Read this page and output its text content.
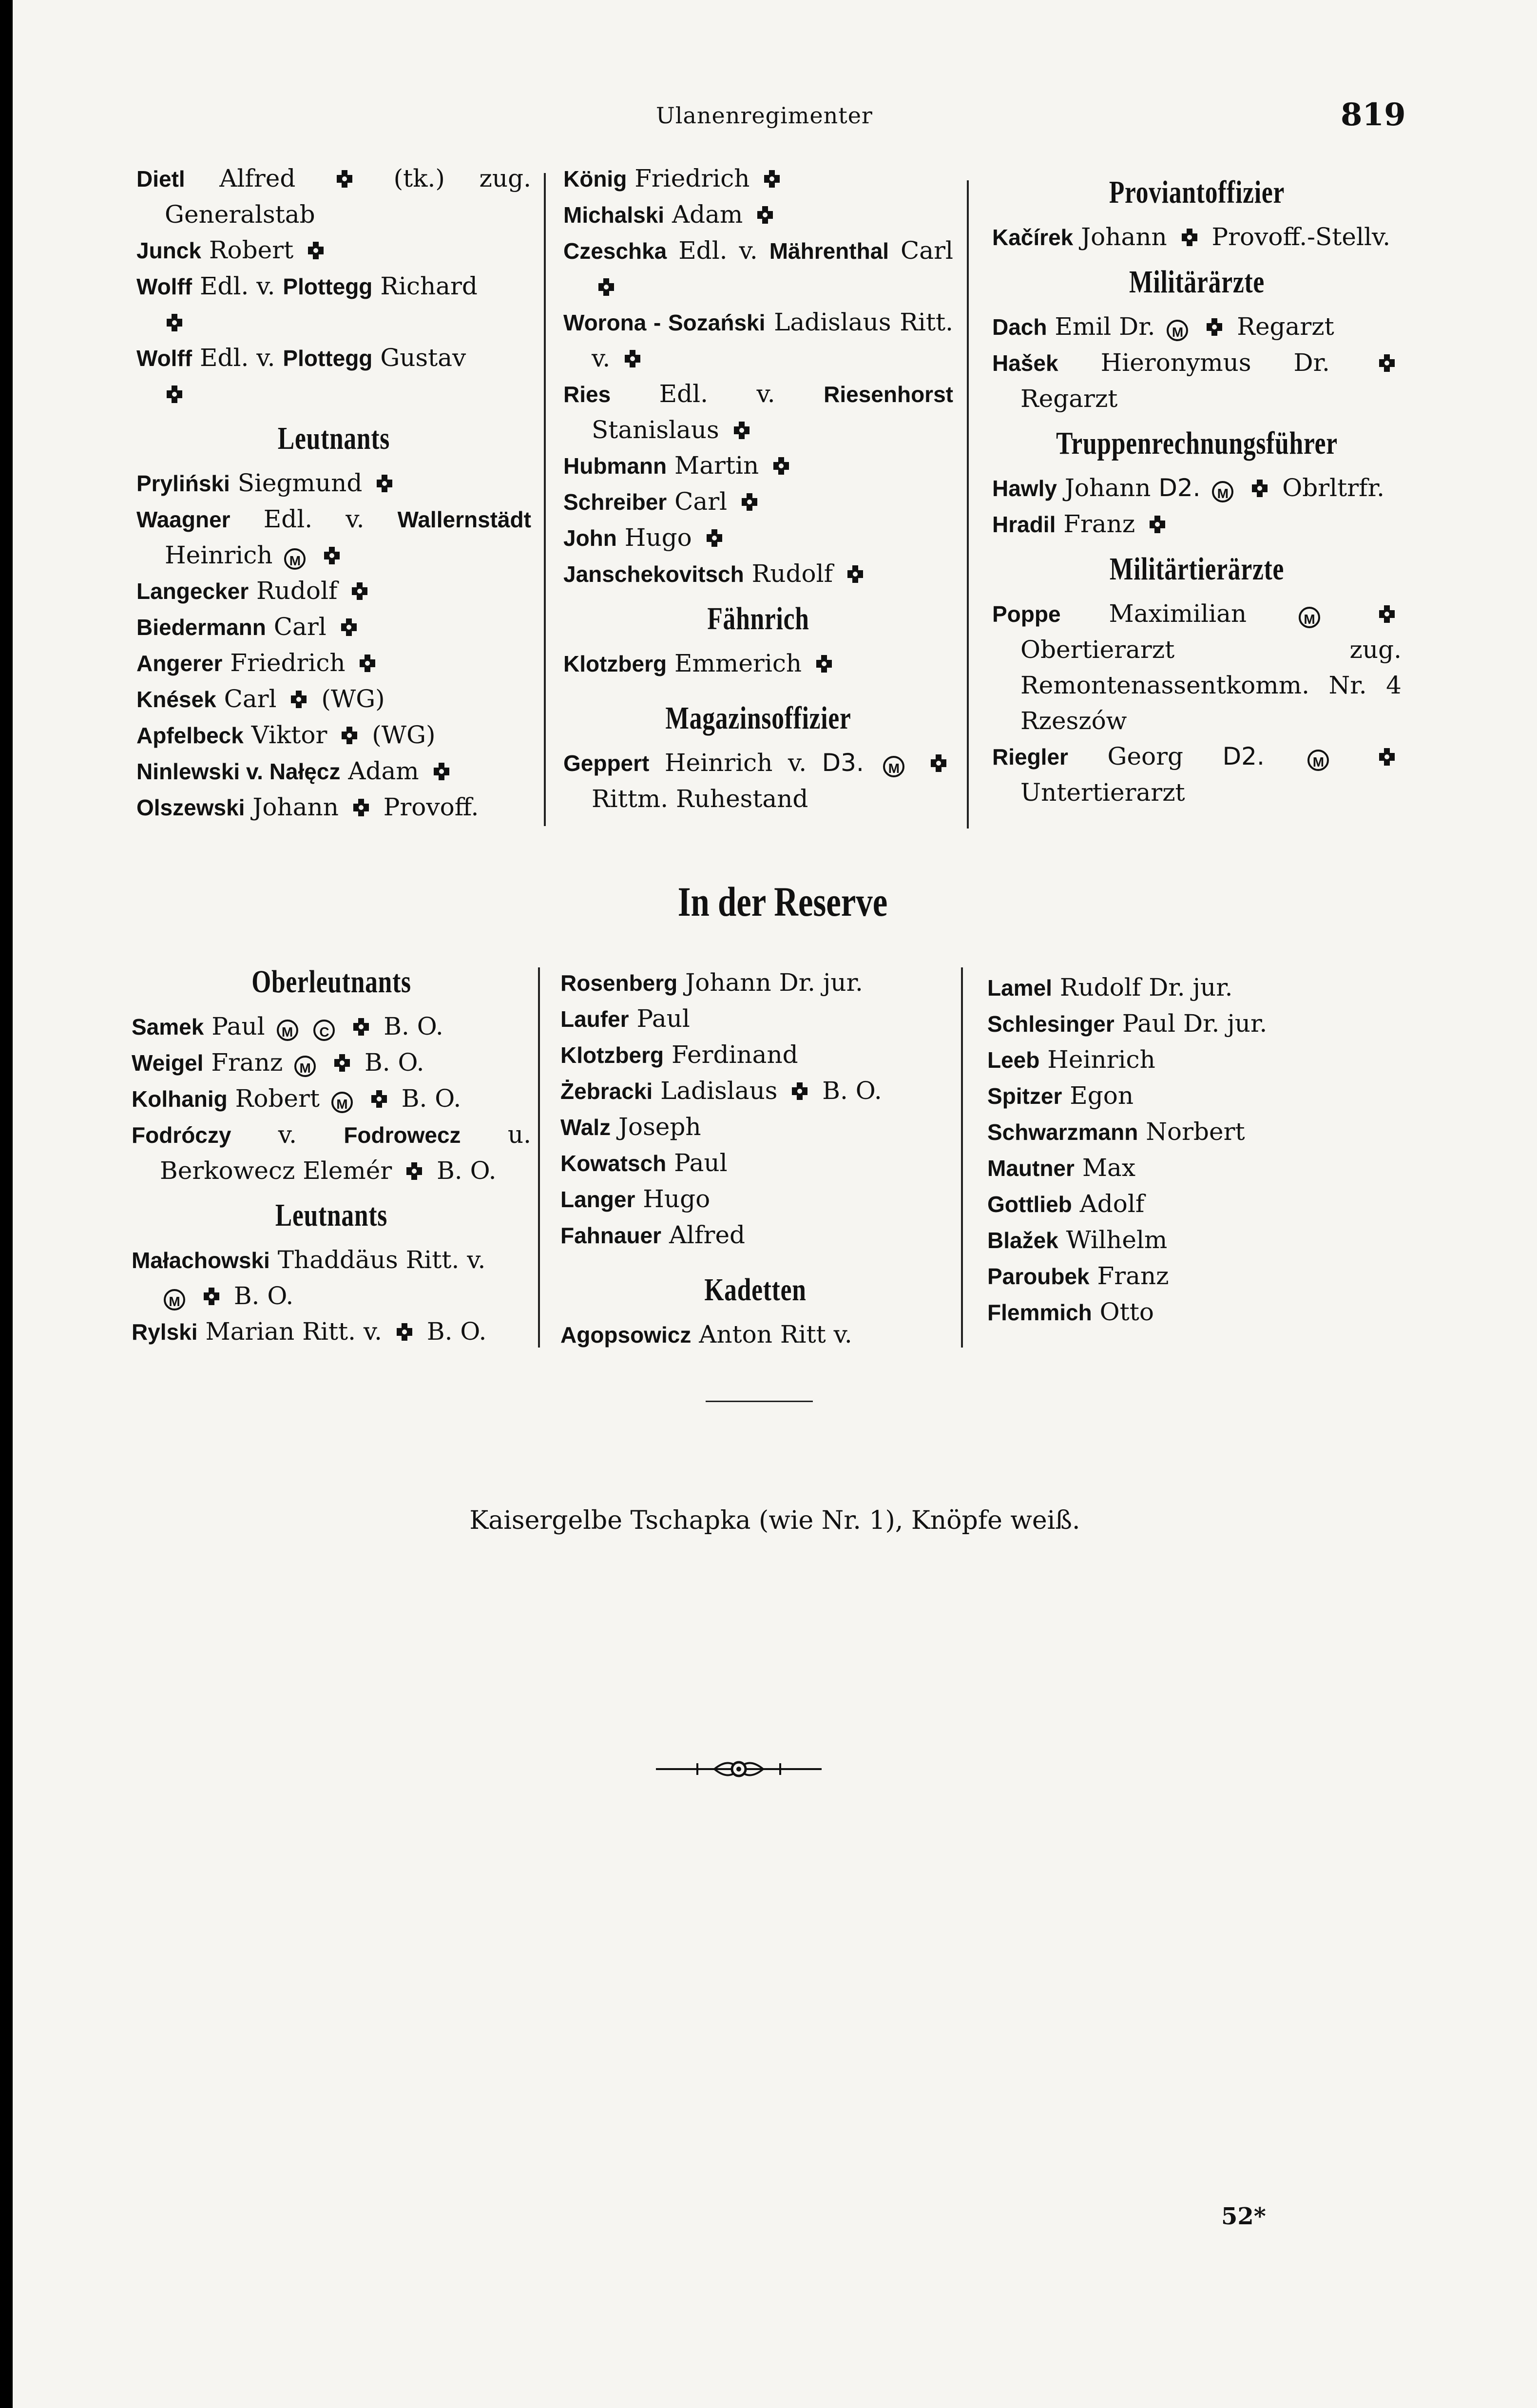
Ulanenregimenter	819
Dietl Alfred	(tk.) zug. Generalstab
Junck Robert
Wolff Edl. v. Plottegg Richard

Wolff Edl. v. Plottegg Gustav

Leutnants
Pryliński Siegmund
Waagner Edl. v. Wallernstädt Heinrich M
Langecker Rudolf
Biedermann Carl
Angerer Friedrich
Knések Carl (WG)
Apfelbeck Viktor (WG)
Ninlewski v. Nałęcz Adam
Olszewski Johann Provoff.
König Friedrich
Michalski Adam
Czeschka Edl. v. Mährenthal Carl
Worona - Sozański Ladislaus Ritt. v.
Ries Edl. v. Riesenhorst Stanislaus
Hubmann Martin
Schreiber Carl
John Hugo
Janschekovitsch Rudolf
Fähnrich
Klotzberg Emmerich
Magazinsoffizier
Geppert Heinrich v. D3. M  Rittm. Ruhestand
Proviantoffizier
Kačírek Johann Provoff.-Stellv.
Militärärzte
Dach Emil Dr. M Regarzt
Hašek Hieronymus Dr.  Regarzt
Truppenrechnungsführer
Hawly Johann D2. M Obrltrfr.
Hradil Franz
Militärtierärzte
Poppe Maximilian	M  Obertierarzt zug. Remontenassentkomm. Nr. 4 Rzeszów
Riegler Georg D2.	M  Untertierarzt
In der Reserve
Oberleutnants
Samek Paul M C B. O.
Weigel Franz M B. O.
Kolhanig Robert M B. O.
Fodróczy v. Fodrowecz u. Berkowecz Elemér B. O.
Leutnants
Małachowski Thaddäus Ritt. v.
M B. O.
Rylski Marian Ritt. v. B. O.
Rosenberg Johann Dr. jur.
Laufer Paul
Klotzberg Ferdinand
Żebracki Ladislaus B. O.
Walz Joseph
Kowatsch Paul
Langer Hugo
Fahnauer Alfred
Kadetten
Agopsowicz Anton Ritt v.
Lamel Rudolf Dr. jur.
Schlesinger Paul Dr. jur.
Leeb Heinrich
Spitzer Egon
Schwarzmann Norbert
Mautner Max
Gottlieb Adolf
Blažek Wilhelm
Paroubek Franz
Flemmich Otto
Kaisergelbe Tschapka (wie Nr. 1), Knöpfe weiß.
52*
